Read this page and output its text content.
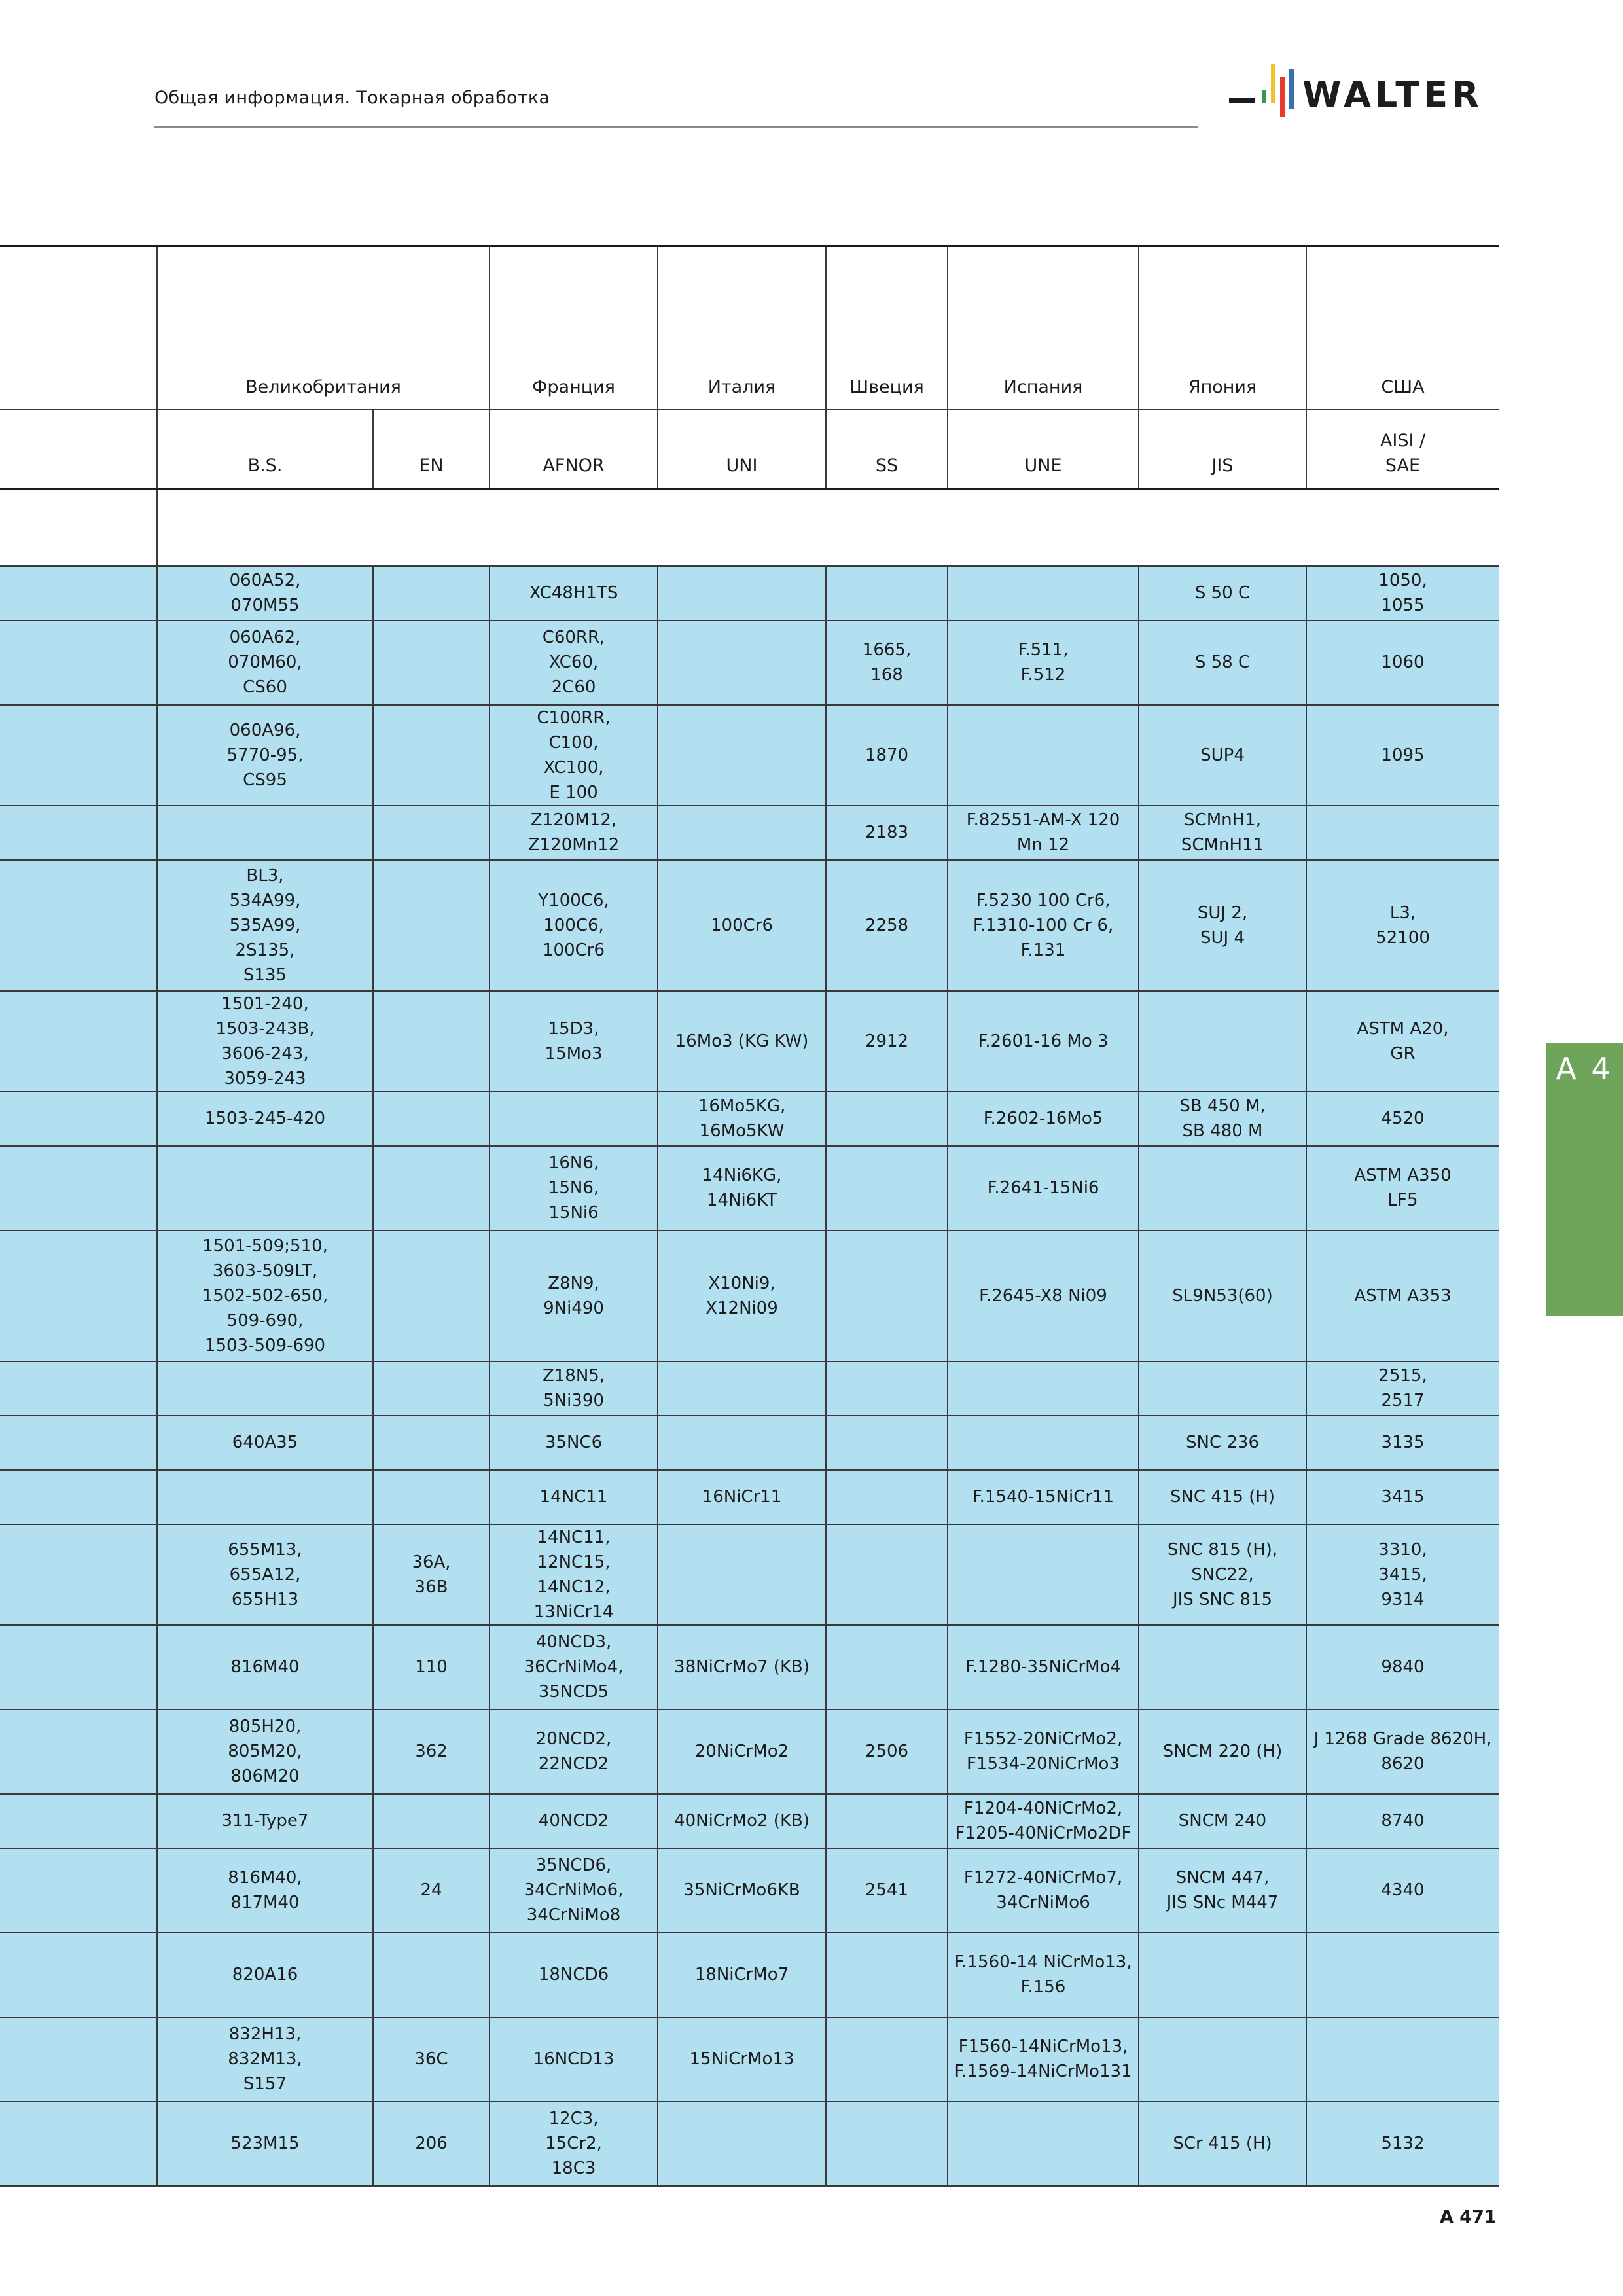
Общая информация. Токарная обработка	WALTER
	Великобритания		Франция	Италия	Швеция	Испания	Япония	США
	B.S.	EN	AFNOR	UNI	SS	UNE	JIS	AISI /
SAE

	060A52,
070M55		XC48H1TS				S 50 C	1050,
1055
	060A62,
070M60,
CS60		C60RR,
XC60,
2C60		1665,
168	F.511,
F.512	S 58 C	1060
	060A96,
5770-95,
CS95		C100RR,
C100,
XC100,
E 100		1870		SUP4	1095
			Z120M12,
Z120Mn12		2183	F.82551-AM-X 120
Mn 12	SCMnH1,
SCMnH11	
	BL3,
534A99,
535A99,
2S135,
S135		Y100C6,
100C6,
100Cr6	100Cr6	2258	F.5230 100 Cr6,
F.1310-100 Cr 6,
F.131	SUJ 2,
SUJ 4	L3,
52100
	1501-240,
1503-243B,
3606-243,
3059-243		15D3,
15Mo3	16Mo3 (KG KW)	2912	F.2601-16 Mo 3		ASTM A20,
GR
	1503-245-420			16Mo5KG,
16Mo5KW		F.2602-16Mo5	SB 450 M,
SB 480 M	4520
			16N6,
15N6,
15Ni6	14Ni6KG,
14Ni6KT		F.2641-15Ni6		ASTM A350
LF5
	1501-509;510,
3603-509LT,
1502-502-650,
509-690,
1503-509-690		Z8N9,
9Ni490	X10Ni9,
X12Ni09		F.2645-X8 Ni09	SL9N53(60)	ASTM A353
			Z18N5,
5Ni390					2515,
2517
	640A35		35NC6				SNC 236	3135
			14NC11	16NiCr11		F.1540-15NiCr11	SNC 415 (H)	3415
	655M13,
655A12,
655H13	36A,
36B	14NC11,
12NC15,
14NC12,
13NiCr14				SNC 815 (H),
SNC22,
JIS SNC 815	3310,
3415,
9314
	816M40	110	40NCD3,
36CrNiMo4,
35NCD5	38NiCrMo7 (KB)		F.1280-35NiCrMo4		9840
	805H20,
805M20,
806M20	362	20NCD2,
22NCD2	20NiCrMo2	2506	F1552-20NiCrMo2,
F1534-20NiCrMo3	SNCM 220 (H)	J 1268 Grade 8620H,
8620
	311-Type7		40NCD2	40NiCrMo2 (KB)		F1204-40NiCrMo2,
F1205-40NiCrMo2DF	SNCM 240	8740
	816M40,
817M40	24	35NCD6,
34CrNiMo6,
34CrNiMo8	35NiCrMo6KB	2541	F1272-40NiCrMo7,
34CrNiMo6	SNCM 447,
JIS SNc M447	4340
	820A16		18NCD6	18NiCrMo7		F.1560-14 NiCrMo13,
F.156		
	832H13,
832M13,
S157	36C	16NCD13	15NiCrMo13		F1560-14NiCrMo13,
F.1569-14NiCrMo131		
	523M15	206	12C3,
15Cr2,
18C3				SCr 415 (H)	5132
A 4
A 471
